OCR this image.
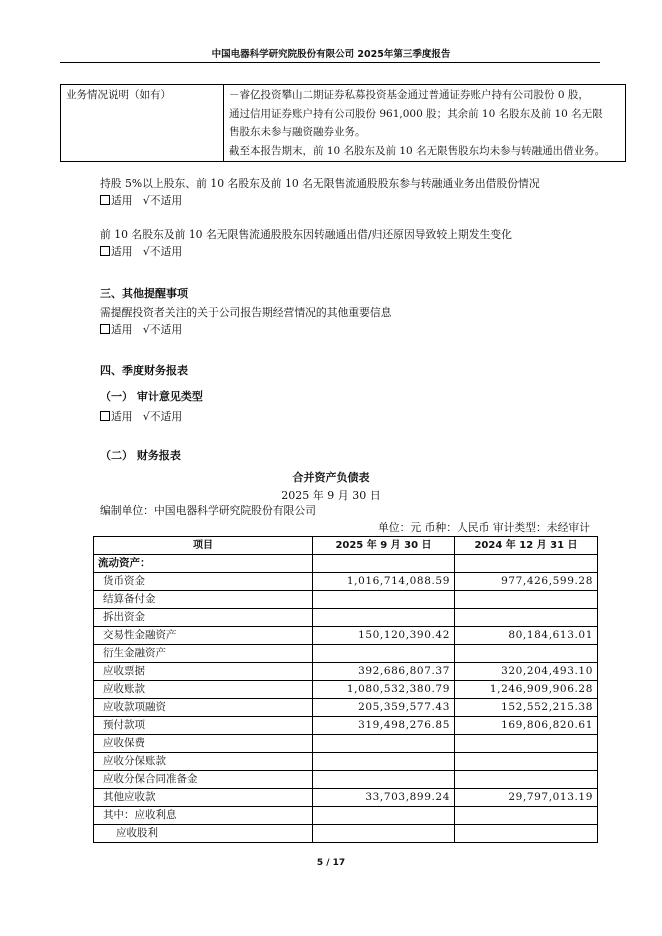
中国电器科学研究院股份有限公司 2025年第三季度报告
业务情况说明（如有）	－睿亿投资攀山二期证券私募投资基金通过普通证券账户持有公司股份 0 股，
通过信用证券账户持有公司股份 961,000 股；其余前 10 名股东及前 10 名无限
售股东未参与融资融券业务。
截至本报告期末，前 10 名股东及前 10 名无限售股东均未参与转融通出借业务。
持股 5%以上股东、前 10 名股东及前 10 名无限售流通股股东参与转融通业务出借股份情况
适用 √不适用
前 10 名股东及前 10 名无限售流通股股东因转融通出借/归还原因导致较上期发生变化
适用 √不适用
三、其他提醒事项
需提醒投资者关注的关于公司报告期经营情况的其他重要信息
适用 √不适用
四、季度财务报表
（一） 审计意见类型
适用 √不适用
（二） 财务报表
合并资产负债表
2025 年 9 月 30 日
编制单位：中国电器科学研究院股份有限公司
单位：元 币种：人民币 审计类型：未经审计
项目	2025 年 9 月 30 日	2024 年 12 月 31 日
流动资产：		
货币资金	1,016,714,088.59	977,426,599.28
结算备付金		
拆出资金		
交易性金融资产	150,120,390.42	80,184,613.01
衍生金融资产		
应收票据	392,686,807.37	320,204,493.10
应收账款	1,080,532,380.79	1,246,909,906.28
应收款项融资	205,359,577.43	152,552,215.38
预付款项	319,498,276.85	169,806,820.61
应收保费		
应收分保账款		
应收分保合同准备金		
其他应收款	33,703,899.24	29,797,013.19
其中：应收利息		
应收股利		
5 / 17
